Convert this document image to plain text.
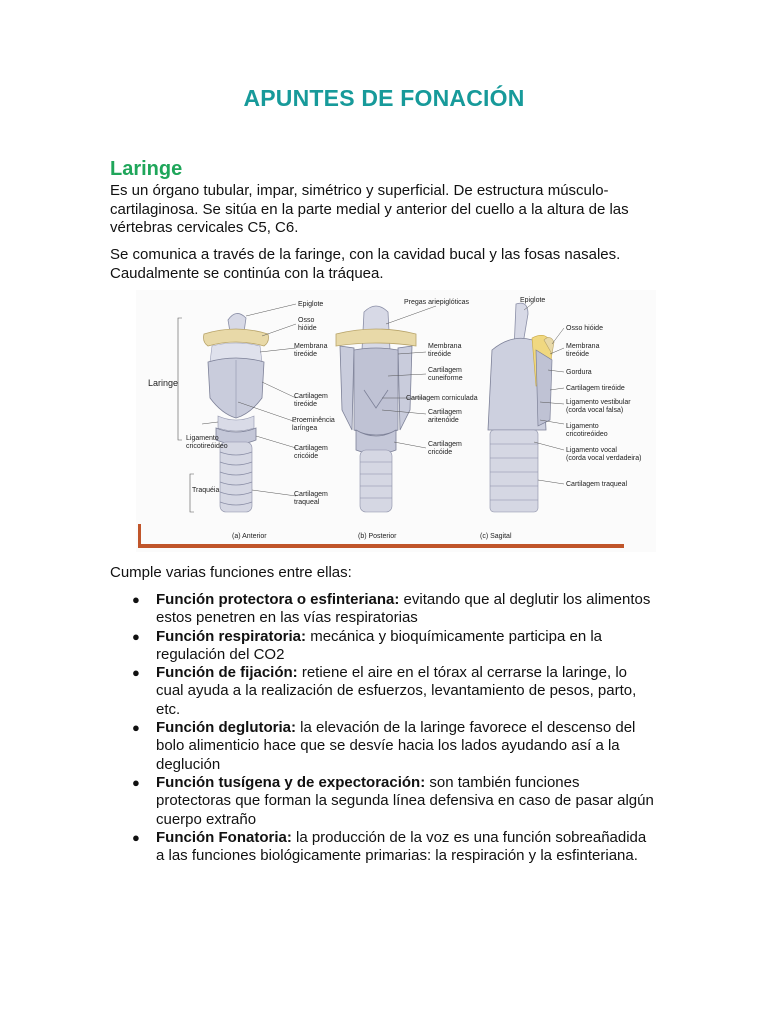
APUNTES DE FONACIÓN
Laringe

Es un órgano tubular, impar, simétrico y superficial. De estructura músculo-cartilaginosa. Se sitúa en la parte medial y anterior del cuello a la altura de las vértebras cervicales C5, C6.

Se comunica a través de la faringe, con la cavidad bucal y las fosas nasales. Caudalmente se continúa con la tráquea.

Laringe
Ligamento
cricotireóideo
Traquéia
Epiglote
Osso
hióide
Membrana
tireóide
Cartilagem
tireóide
Proeminência
laríngea
Cartilagem
cricóide
Cartilagem
traqueal
Pregas ariepiglóticas
Membrana
tireóide
Cartilagem
cuneiforme
Cartilagem corniculada
Cartilagem
aritenóide
Cartilagem
cricóide
Epiglote
Osso hióide
Membrana
tireóide
Gordura
Cartilagem tireóide
Ligamento vestibular
(corda vocal falsa)
Ligamento
cricotireóideo
Ligamento vocal
(corda vocal verdadeira)
Cartilagem traqueal
(a) Anterior	(b) Posterior	(c) Sagital
Cumple varias funciones entre ellas:
● Función protectora o esfinteriana: evitando que al deglutir los alimentos estos penetren en las vías respiratorias
● Función respiratoria: mecánica y bioquímicamente participa en la regulación del CO2
● Función de fijación: retiene el aire en el tórax al cerrarse la laringe, lo cual ayuda a la realización de esfuerzos, levantamiento de pesos, parto, etc.
● Función deglutoria: la elevación de la laringe favorece el descenso del bolo alimenticio hace que se desvíe hacia los lados ayudando así a la deglución
● Función tusígena y de expectoración: son también funciones protectoras que forman la segunda línea defensiva en caso de pasar algún cuerpo extraño
● Función Fonatoria: la producción de la voz es una función sobreañadida a las funciones biológicamente primarias: la respiración y la esfinteriana.
